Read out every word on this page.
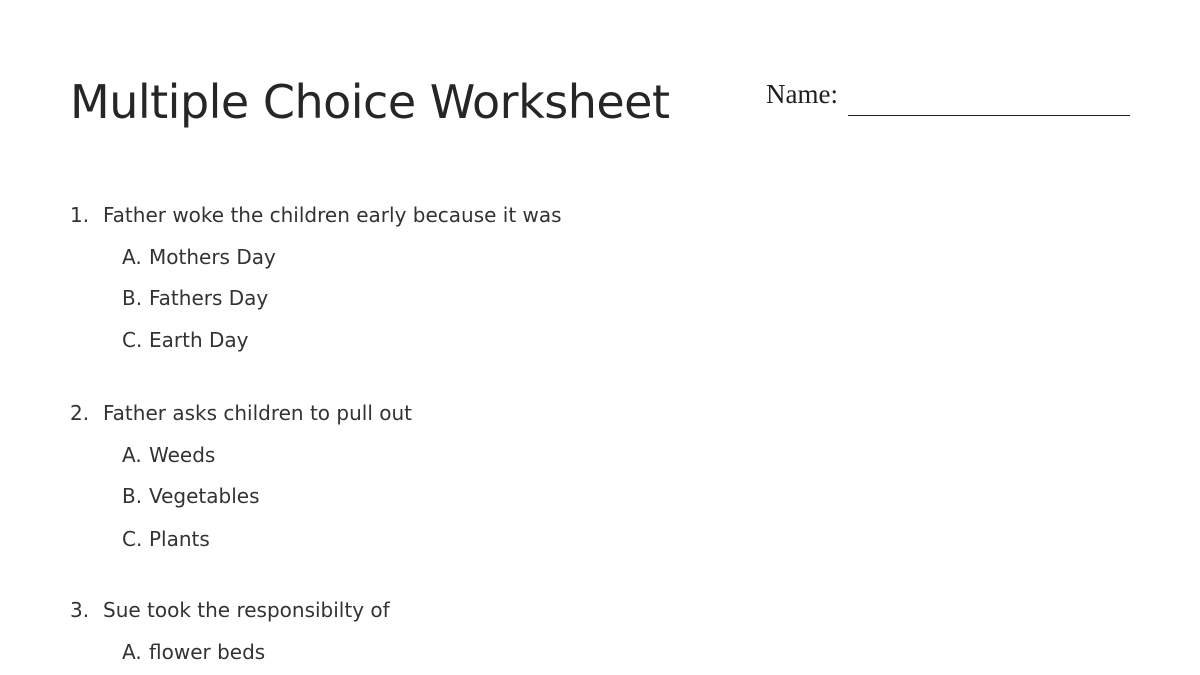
Multiple Choice Worksheet	Name:
1. Father woke the children early because it was
A. Mothers Day
B. Fathers Day
C. Earth Day
2. Father asks children to pull out
A. Weeds
B. Vegetables
C. Plants
3. Sue took the responsibilty of
A. flower beds
